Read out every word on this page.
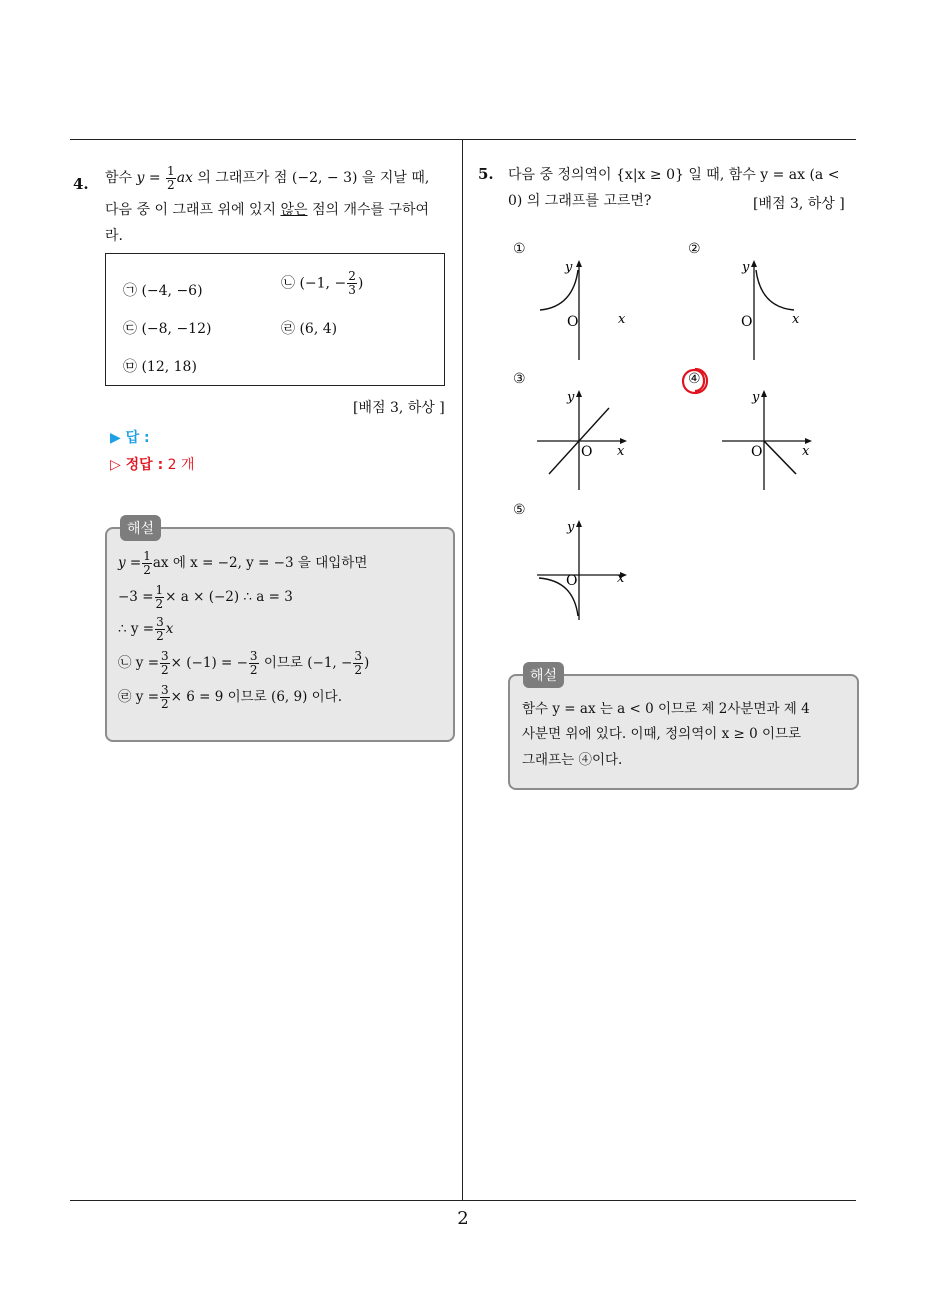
4. 함수 $y = \frac{1}{2}$ ax 의 그래프가 점 (−2, − 3) 을 지날 때,
다음 중 이 그래프 위에 있지 않은 점의 개수를 구하여
라.
㉠ (−4, −6)	㉡ (−1, − $\frac{2}{3}$ )
㉢ (−8, −12)	㉣ (6, 4)
㉤ (12, 18)
[배점 3, 하상 ]
▶ 답 :
▷ 정답 : 2 개
해설
$y = \frac{1}{2}$ ax 에 x = −2, y = −3 을 대입하면
$-3 = \frac{1}{2} \times a \times (-2)$ ∴ a = 3
∴ $y = \frac{3}{2}$ x
㉡ $y = \frac{3}{2} \times (-1)$ = − $\frac{3}{2}$ 이므로 (−1, − $\frac{3}{2}$ )
㉣ $y = \frac{3}{2} \times 6 = 9$ 이므로 (6, 9) 이다.
5. 다음 중 정의역이 {x|x ≥ 0} 일 때, 함수 y = ax (a <
0) 의 그래프를 고르면?	[배점 3, 하상 ]
①	②
③	④
⑤
y
O	x
y
O	x
y
O x
y
O	x
y
O	x
해설
함수 y = ax 는 a < 0 이므로 제 2사분면과 제 4
사분면 위에 있다. 이때, 정의역이 x ≥ 0 이므로
그래프는 ④이다.
2
